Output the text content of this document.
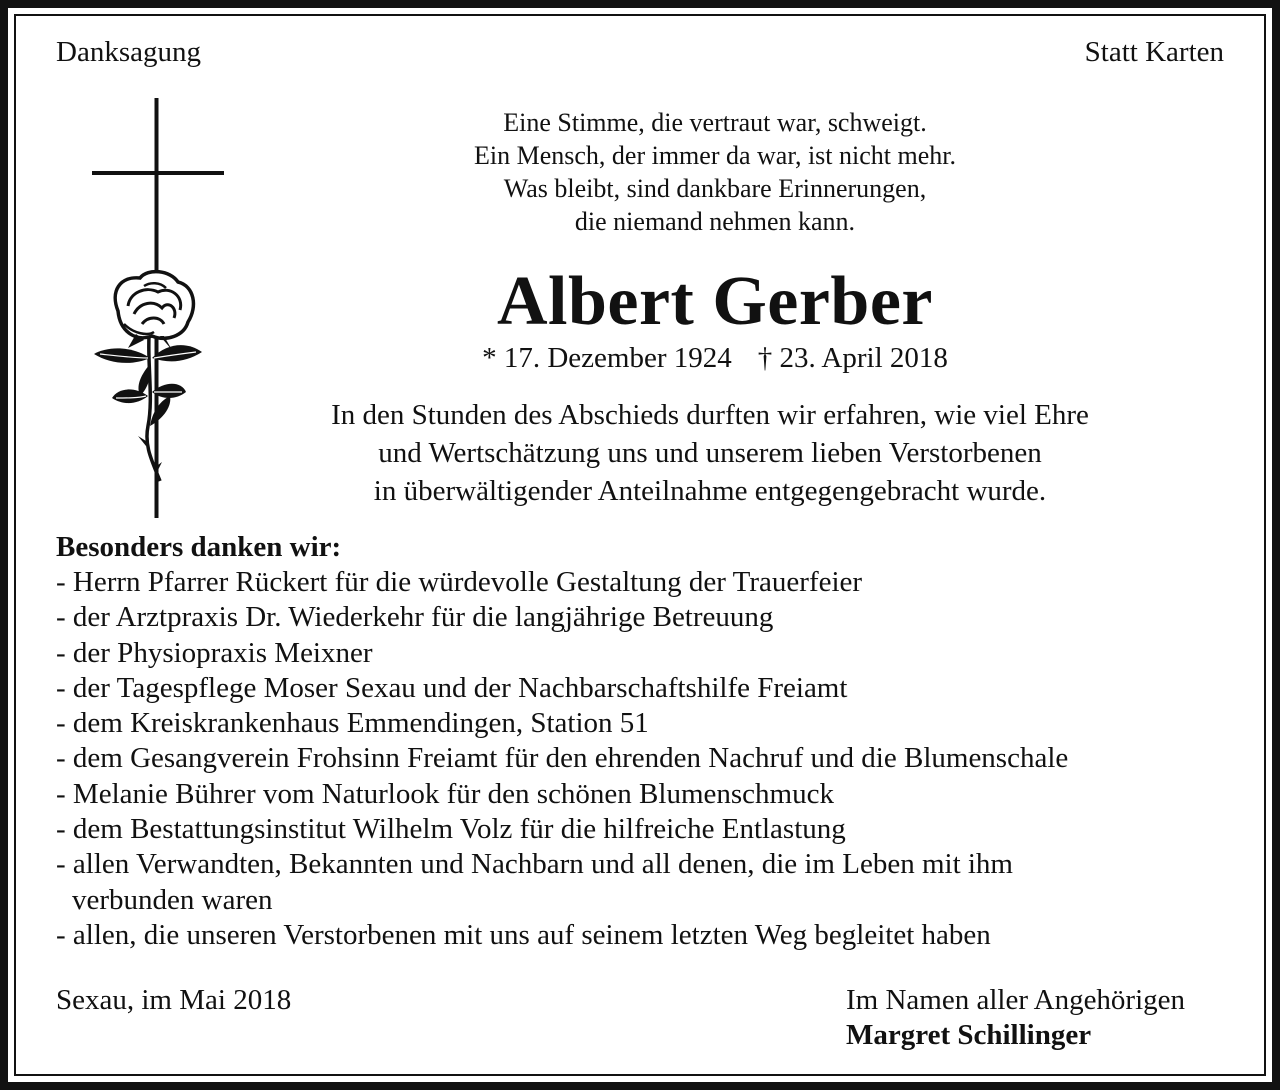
Danksagung	Statt Karten

Eine Stimme, die vertraut war, schweigt.
Ein Mensch, der immer da war, ist nicht mehr.
Was bleibt, sind dankbare Erinnerungen,
die niemand nehmen kann.
Albert Gerber
* 17. Dezember 1924 † 23. April 2018
In den Stunden des Abschieds durften wir erfahren, wie viel Ehre
und Wertschätzung uns und unserem lieben Verstorbenen
in überwältigender Anteilnahme entgegengebracht wurde.
Besonders danken wir:
- Herrn Pfarrer Rückert für die würdevolle Gestaltung der Trauerfeier
- der Arztpraxis Dr. Wiederkehr für die langjährige Betreuung
- der Physiopraxis Meixner
- der Tagespflege Moser Sexau und der Nachbarschaftshilfe Freiamt
- dem Kreiskrankenhaus Emmendingen, Station 51
- dem Gesangverein Frohsinn Freiamt für den ehrenden Nachruf und die Blumenschale
- Melanie Bührer vom Naturlook für den schönen Blumenschmuck
- dem Bestattungsinstitut Wilhelm Volz für die hilfreiche Entlastung
- allen Verwandten, Bekannten und Nachbarn und all denen, die im Leben mit ihm
verbunden waren
- allen, die unseren Verstorbenen mit uns auf seinem letzten Weg begleitet haben

Sexau, im Mai 2018	Im Namen aller Angehörigen
Margret Schillinger
